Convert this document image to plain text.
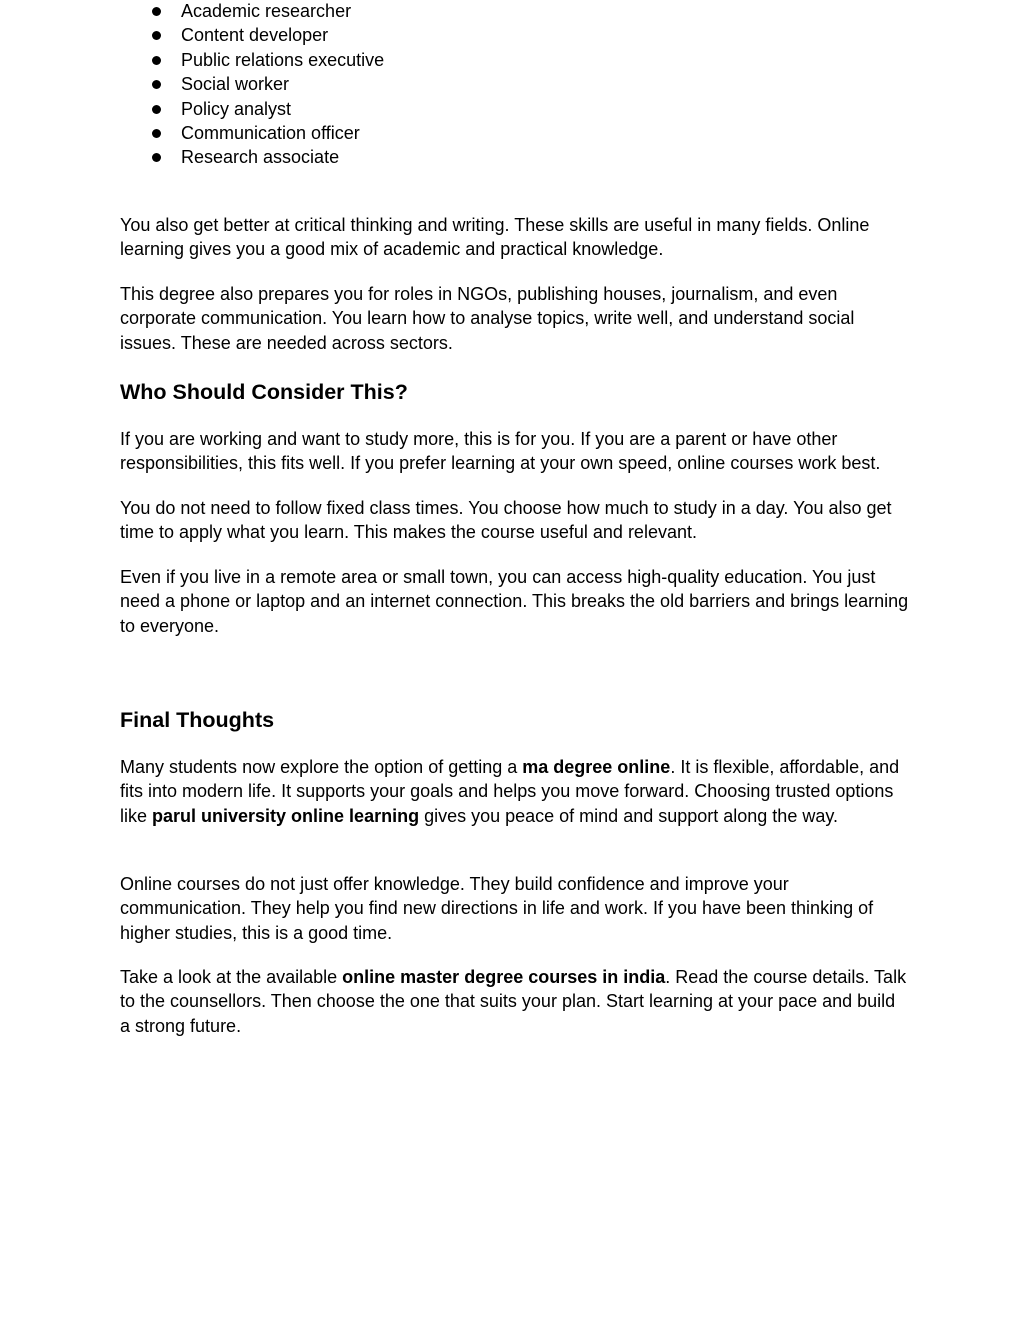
Academic researcher
Content developer
Public relations executive
Social worker
Policy analyst
Communication officer
Research associate

You also get better at critical thinking and writing. These skills are useful in many fields. Online learning gives you a good mix of academic and practical knowledge.

This degree also prepares you for roles in NGOs, publishing houses, journalism, and even corporate communication. You learn how to analyse topics, write well, and understand social issues. These are needed across sectors.

Who Should Consider This?

If you are working and want to study more, this is for you. If you are a parent or have other responsibilities, this fits well. If you prefer learning at your own speed, online courses work best.

You do not need to follow fixed class times. You choose how much to study in a day. You also get time to apply what you learn. This makes the course useful and relevant.

Even if you live in a remote area or small town, you can access high-quality education. You just need a phone or laptop and an internet connection. This breaks the old barriers and brings learning to everyone.

Final Thoughts

Many students now explore the option of getting a ma degree online. It is flexible, affordable, and fits into modern life. It supports your goals and helps you move forward. Choosing trusted options like parul university online learning gives you peace of mind and support along the way.

Online courses do not just offer knowledge. They build confidence and improve your communication. They help you find new directions in life and work. If you have been thinking of higher studies, this is a good time.

Take a look at the available online master degree courses in india. Read the course details. Talk to the counsellors. Then choose the one that suits your plan. Start learning at your pace and build a strong future.
